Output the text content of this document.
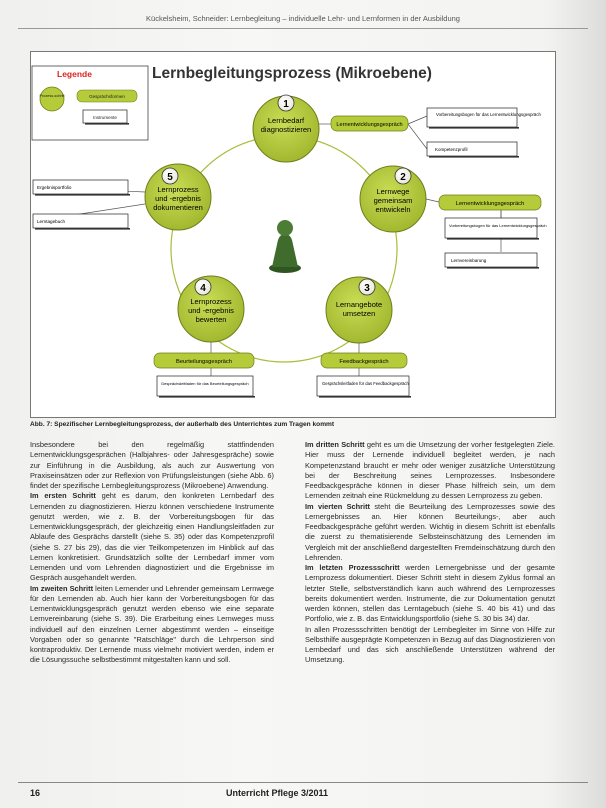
Kückelsheim, Schneider: Lernbegleitung – individuelle Lehr- und Lernformen in der Ausbildung
Lernbegleitungsprozess (Mikroebene)
Legende
Prozess-schritt	Gesprächsformen
Instrumente
1
Lernbedarf
diagnostizieren
2
Lernwege
gemeinsam
entwickeln
3
Lernangebote
umsetzen
4
Lernprozess
und -ergebnis
bewerten
5
Lernprozess
und -ergebnis
dokumentieren
Lernentwicklungsgespräch
Lernentwicklungsgespräch
Feedbackgespräch
Beurteilungsgespräch
Vorbereitungsbogen für das Lernentwicklungsgespräch
Kompetenzprofil
Vorbereitungsbogen für das Lernentwicklungsgespräch
Lernvereinbarung
Gesprächsleitfaden für das Feedbackgespräch
Gesprächsleitfaden für das Beurteilungsgespräch
Ergebnisportfolio
Lerntagebuch
Abb. 7: Spezifischer Lernbegleitungsprozess, der außerhalb des Unterrichtes zum Tragen kommt

Insbesondere bei den regelmäßig stattfindenden Lernentwicklungsgesprächen (Halbjahres- oder Jahresgespräche) sowie zur Einführung in die Ausbildung, als auch zur Auswertung von Praxiseinsätzen oder zur Reflexion von Prüfungsleistungen (siehe Abb. 6) findet der spezifische Lernbegleitungsprozess (Mikroebene) Anwendung.

Im ersten Schritt geht es darum, den konkreten Lernbedarf des Lernenden zu diagnostizieren. Hierzu können verschiedene Instrumente genutzt werden, wie z. B. der Vorbereitungsbogen für das Lernentwicklungsgespräch, der gleichzeitig einen Handlungsleitfaden zur Ablaufe des Gesprächs darstellt (siehe S. 35) oder das Kompetenzprofil (siehe S. 27 bis 29), das die vier Teilkompetenzen im Hinblick auf das Lernen konkretisiert. Grundsätzlich sollte der Lernbedarf immer vom Lernenden und vom Lehrenden diagnostiziert und die Ergebnisse im Gespräch ausgehandelt werden.

Im zweiten Schritt leiten Lernender und Lehrender gemeinsam Lernwege für den Lernenden ab. Auch hier kann der Vorbereitungsbogen für das Lernentwicklungsgespräch genutzt werden ebenso wie eine separate Lernvereinbarung (siehe S. 39). Die Erarbeitung eines Lernweges muss individuell auf den einzelnen Lerner abgestimmt werden – einseitige Vorgaben oder so genannte "Ratschläge" durch die Lehrperson sind kontraproduktiv. Der Lernende muss vielmehr motiviert werden, indem er die Lösungssuche selbstbestimmt mitgestalten kann und soll.

Im dritten Schritt geht es um die Umsetzung der vorher festgelegten Ziele. Hier muss der Lernende individuell begleitet werden, je nach Kompetenzstand braucht er mehr oder weniger zusätzliche Unterstützung bei der Beschreitung seines Lernprozesses. Insbesondere Feedbackgespräche können in dieser Phase hilfreich sein, um dem Lernenden zeitnah eine Rückmeldung zu dessen Lernprozess zu geben.

Im vierten Schritt steht die Beurteilung des Lernprozesses sowie des Lernergebnisses an. Hier können Beurteilungs-, aber auch Feedbackgespräche geführt werden. Wichtig in diesem Schritt ist ebenfalls die zuerst zu thematisierende Selbsteinschätzung des Lernenden im Vergleich mit der anschließend dargestellten Fremdeinschätzung durch den Lehrenden.

Im letzten Prozessschritt werden Lernergebnisse und der gesamte Lernprozess dokumentiert. Dieser Schritt steht in diesem Zyklus formal an letzter Stelle, selbstverständlich kann auch während des Lernprozesses bereits dokumentiert werden. Instrumente, die zur Dokumentation genutzt werden können, stellen das Lerntagebuch (siehe S. 40 bis 41) und das Portfolio, wie z. B. das Entwicklungsportfolio (siehe S. 30 bis 34) dar.

In allen Prozessschritten benötigt der Lernbegleiter im Sinne von Hilfe zur Selbsthilfe ausgeprägte Kompetenzen in Bezug auf das Diagnostizieren von Lernbedarf und das sich anschließende Unterstützen während der Umsetzung.

16	Unterricht Pflege 3/2011
